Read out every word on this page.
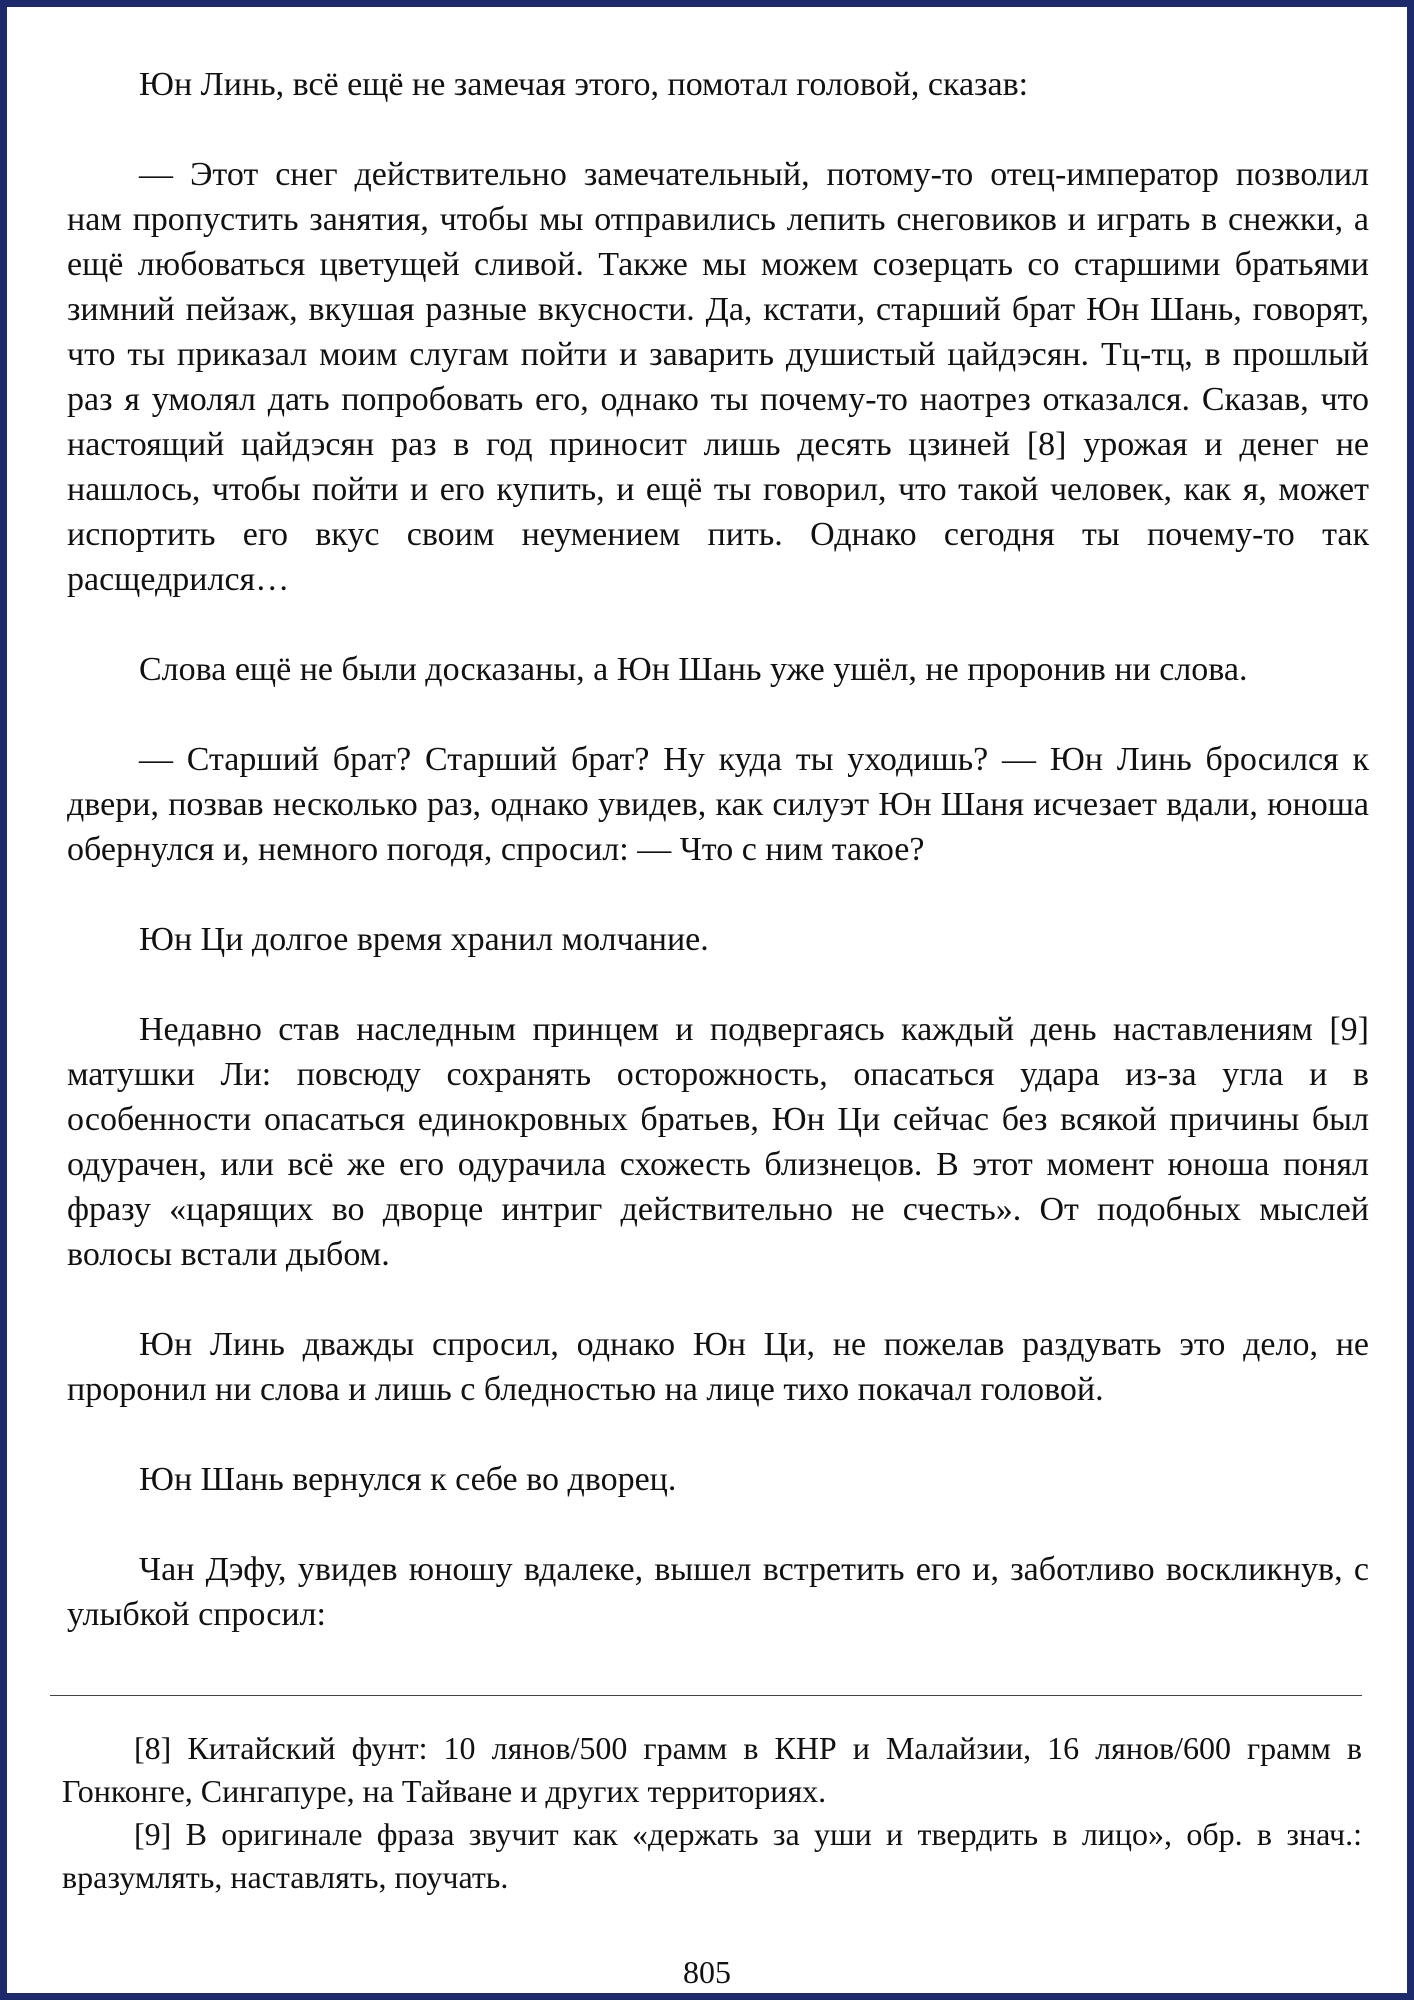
Юн Линь, всё ещё не замечая этого, помотал головой, сказав:

— Этот снег действительно замечательный, потому-то отец-император позволил нам пропустить занятия, чтобы мы отправились лепить снеговиков и играть в снежки, а ещё любоваться цветущей сливой. Также мы можем созерцать со старшими братьями зимний пейзаж, вкушая разные вкусности. Да, кстати, старший брат Юн Шань, говорят, что ты приказал моим слугам пойти и заварить душистый цайдэсян. Тц-тц, в прошлый раз я умолял дать попробовать его, однако ты почему-то наотрез отказался. Сказав, что настоящий цайдэсян раз в год приносит лишь десять цзиней [8] урожая и денег не нашлось, чтобы пойти и его купить, и ещё ты говорил, что такой человек, как я, может испортить его вкус своим неумением пить. Однако сегодня ты почему-то так расщедрился…

Слова ещё не были досказаны, а Юн Шань уже ушёл, не проронив ни слова.

— Старший брат? Старший брат? Ну куда ты уходишь? — Юн Линь бросился к двери, позвав несколько раз, однако увидев, как силуэт Юн Шаня исчезает вдали, юноша обернулся и, немного погодя, спросил: — Что с ним такое?

Юн Ци долгое время хранил молчание.

Недавно став наследным принцем и подвергаясь каждый день наставлениям [9] матушки Ли: повсюду сохранять осторожность, опасаться удара из-за угла и в особенности опасаться единокровных братьев, Юн Ци сейчас без всякой причины был одурачен, или всё же его одурачила схожесть близнецов. В этот момент юноша понял фразу «царящих во дворце интриг действительно не счесть». От подобных мыслей волосы встали дыбом.

Юн Линь дважды спросил, однако Юн Ци, не пожелав раздувать это дело, не проронил ни слова и лишь с бледностью на лице тихо покачал головой.

Юн Шань вернулся к себе во дворец.

Чан Дэфу, увидев юношу вдалеке, вышел встретить его и, заботливо воскликнув, с улыбкой спросил:

[8] Китайский фунт: 10 лянов/500 грамм в КНР и Малайзии, 16 лянов/600 грамм в Гонконге, Сингапуре, на Тайване и других территориях.

[9] В оригинале фраза звучит как «держать за уши и твердить в лицо», обр. в знач.: вразумлять, наставлять, поучать.

805
